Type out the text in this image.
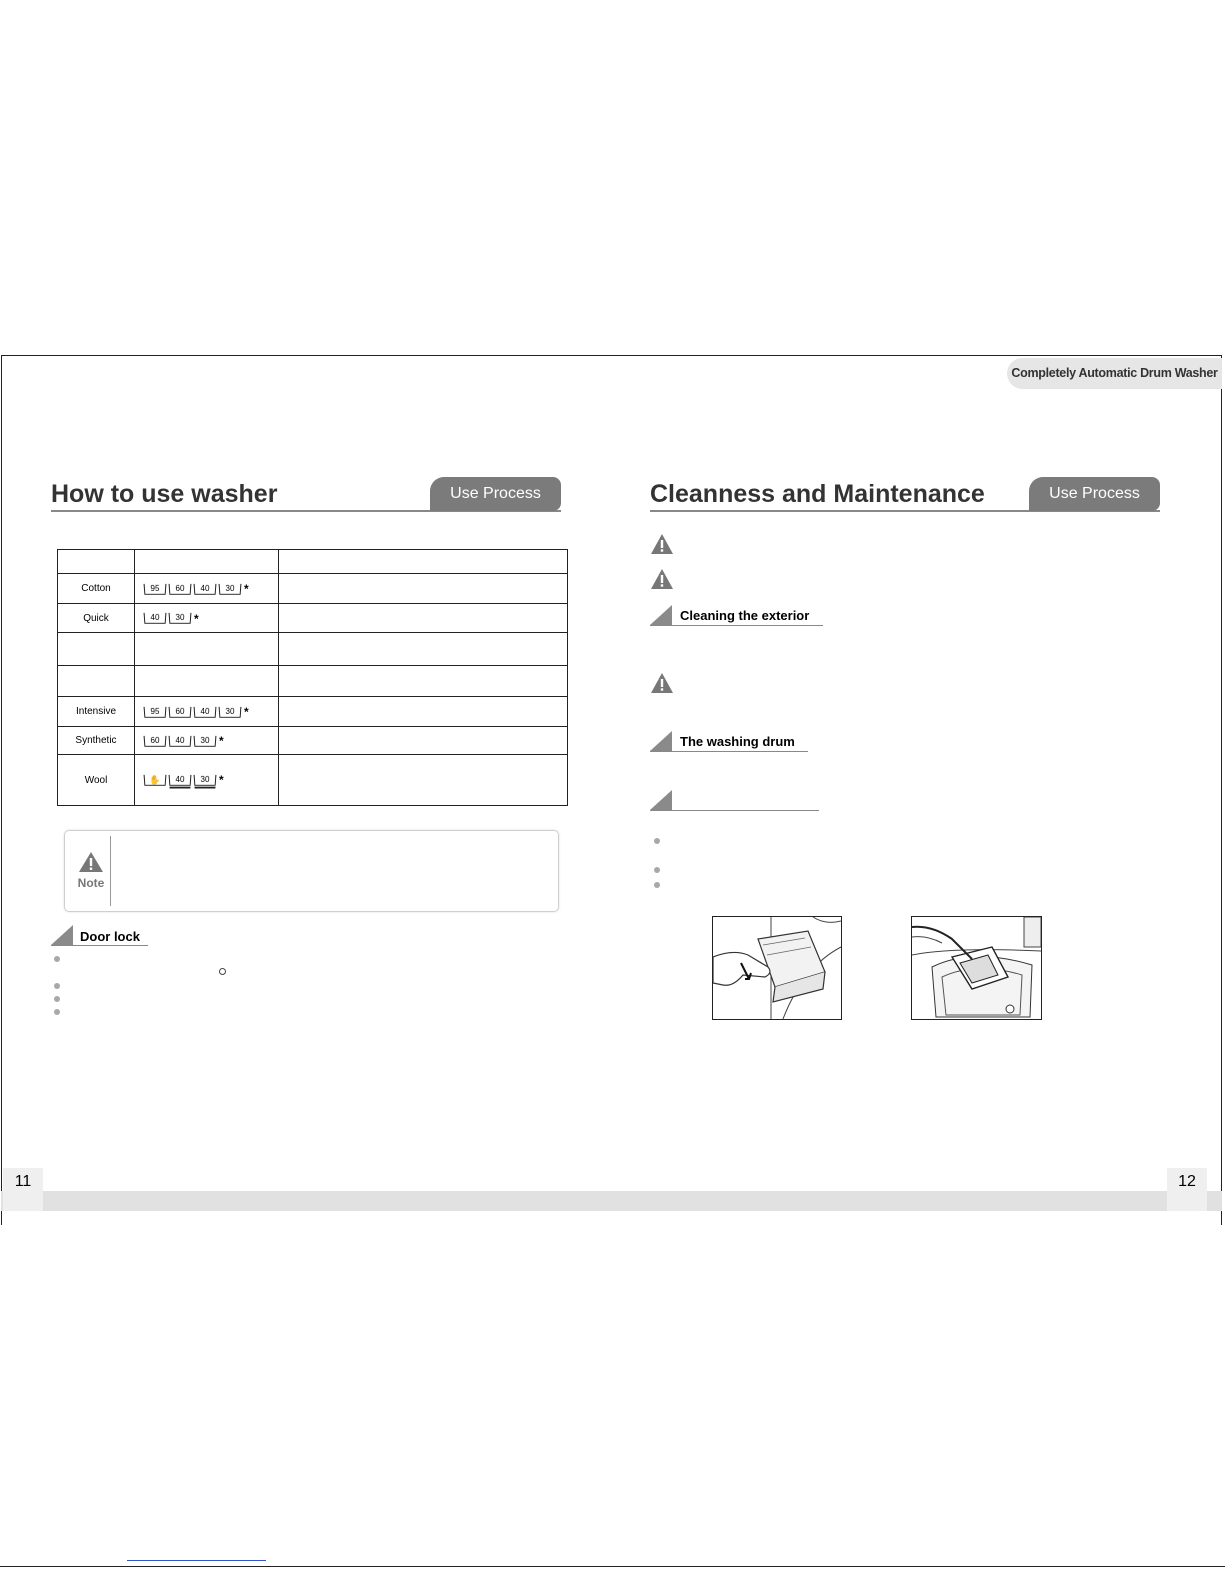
Completely Automatic Drum Washer
How to use washer	Use Process

Cotton	95 60 40 30 *	

Quick	40 30 *	

Intensive	95 60 40 30 *	

Synthetic	60 40 30 *	

Wool	✋ 40 30 *	

Note
Door lock
Cleanness and Maintenance	Use Process
Cleaning the exterior
The washing drum
11	12
